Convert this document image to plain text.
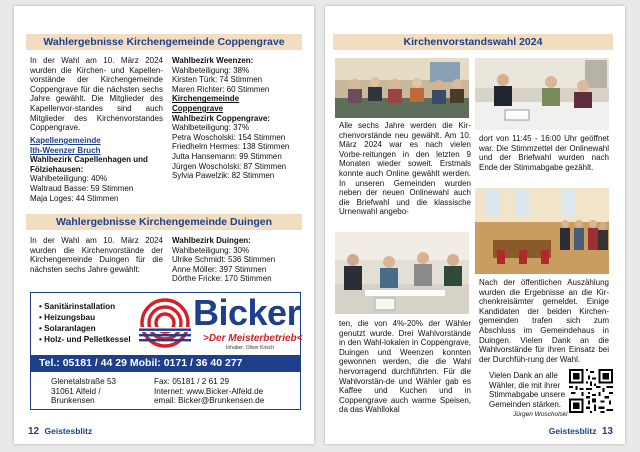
Wahlergebnisse Kirchengemeinde Coppengrave
In der Wahl am 10. März 2024 wurden die Kirchen- und Kapellen-vorstände der Kirchengemeinde Coppengrave für die nächsten sechs Jahre gewählt. Die Mitglieder des Kapellenvor-standes sind auch Mitglieder des Kirchenvorstandes Coppengrave.
Kapellengemeinde
Ith-Weenzer Bruch
Wahlbezirk Capellenhagen und
Fölziehausen:
Wahlbeteiligung: 40%
Waltraud Basse: 59 Stimmen
Maja Loges: 44 Stimmen
Wahlbezirk Weenzen:
Wahlbeteiligung: 38%
Kirsten Türk: 74 Stimmen
Maren Richter: 60 Stimmen
Kirchengemeinde
Coppengrave
Wahlbezirk Coppengrave:
Wahlbeteiligung: 37%
Petra Woscholski: 154 Stimmen
Friedhelm Hermes: 138 Stimmen
Jutta Hansemann: 99 Stimmen
Jürgen Woscholski: 87 Stimmen
Sylvia Pawelzik: 82 Stimmen
Wahlergebnisse Kirchengemeinde Duingen
In der Wahl am 10. März 2024 wurden die Kirchenvorstände der Kirchengemeinde Duingen für die nächsten sechs Jahre gewählt:
Wahlbezirk Duingen:
Wahlbeteiligung: 30%
Ulrike Schmidt: 536 Stimmen
Anne Möller: 397 Stimmen
Dörthe Fricke: 170 Stimmen
• Sanitärinstallation
• Heizungsbau
• Solaranlagen
• Holz- und Pelletkessel
Bicker
>Der Meisterbetrieb<
Inhaber: Oliver Kirsch
Tel.: 05181 / 44 29 Mobil: 0171 / 36 40 277
Glenetalstraße 53
31061 Alfeld /
Brunkensen
Fax: 05181 / 2 61 29
Internet: www.Bicker-Alfeld.de
email: Bicker@Brunkensen.de
12 Geistesblitz
Kirchenvorstandswahl 2024
Alle sechs Jahre werden die Kir-chenvorstände neu gewählt. Am 10. März 2024 war es nach vielen Vorbe-reitungen in den letzten 9 Monaten wieder soweit. Erstmals konnte auch Online gewählt werden. In unseren Gemeinden wurden neben der neuen Onlinewahl auch die Briefwahl und die klassische Urnenwahl angebo-
ten, die von 4%-20% der Wähler genutzt wurde. Drei Wahlvorstände in den Wahl-lokalen in Coppengrave, Duingen und Weenzen konnten gewonnen werden, die die Wahl hervorragend durchführten. Für die Wahlvorstän-de und Wähler gab es Kaffee und Kuchen und in Coppengrave auch warme Speisen, da das Wahllokal
dort von 11:45 - 16:00 Uhr geöffnet war. Die Stimmzettel der Onlinewahl und der Briefwahl wurden nach Ende der Stimmabgabe gezählt.
Nach der öffentlichen Auszählung wurden die Ergebnisse an die Kir-chenkreisämter gemeldet. Einige Kandidaten der beiden Kirchen-gemeinden trafen sich zum Abschluss im Gemeindehaus in Duingen. Vielen Dank an die Wahlvorstände für ihren Einsatz bei der Durchfüh-rung der Wahl.
Vielen Dank an alle
Wähler, die mit ihrer
Stimmabgabe unsere
Gemeinden stärken.
Jürgen Woscholski
Geistesblitz 13
